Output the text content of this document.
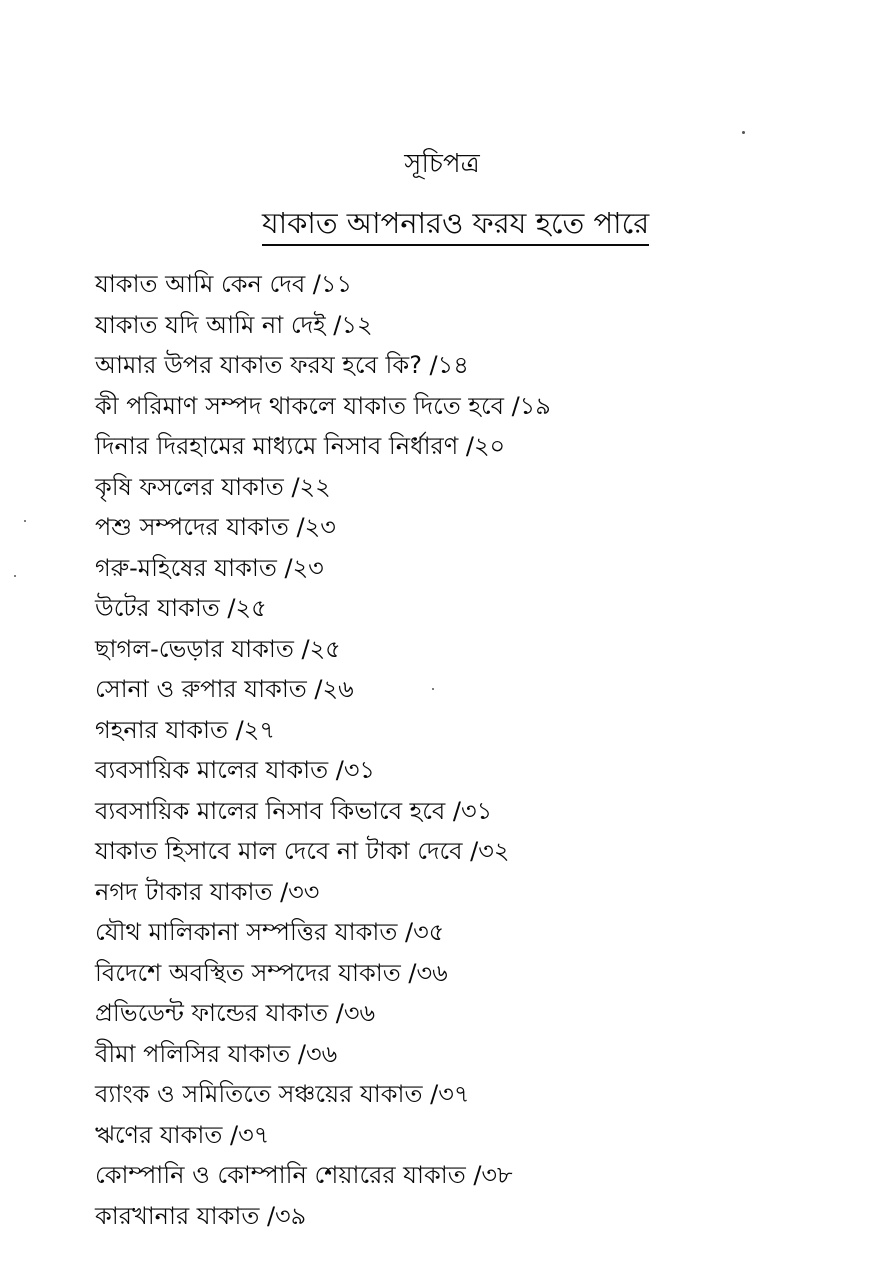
সূচিপত্র
যাকাত আপনারও ফরয হতে পারে
যাকাত আমি কেন দেব /১১
যাকাত যদি আমি না দেই /১২
আমার উপর যাকাত ফরয হবে কি? /১৪
কী পরিমাণ সম্পদ থাকলে যাকাত দিতে হবে /১৯
দিনার দিরহামের মাধ্যমে নিসাব নির্ধারণ /২০
কৃষি ফসলের যাকাত /২২
পশু সম্পদের যাকাত /২৩
গরু-মহিষের যাকাত /২৩
উটের যাকাত /২৫
ছাগল-ভেড়ার যাকাত /২৫
সোনা ও রুপার যাকাত /২৬
গহনার যাকাত /২৭
ব্যবসায়িক মালের যাকাত /৩১
ব্যবসায়িক মালের নিসাব কিভাবে হবে /৩১
যাকাত হিসাবে মাল দেবে না টাকা দেবে /৩২
নগদ টাকার যাকাত /৩৩
যৌথ মালিকানা সম্পত্তির যাকাত /৩৫
বিদেশে অবস্থিত সম্পদের যাকাত /৩৬
প্রভিডেন্ট ফান্ডের যাকাত /৩৬
বীমা পলিসির যাকাত /৩৬
ব্যাংক ও সমিতিতে সঞ্চয়ের যাকাত /৩৭
ঋণের যাকাত /৩৭
কোম্পানি ও কোম্পানি শেয়ারের যাকাত /৩৮
কারখানার যাকাত /৩৯
